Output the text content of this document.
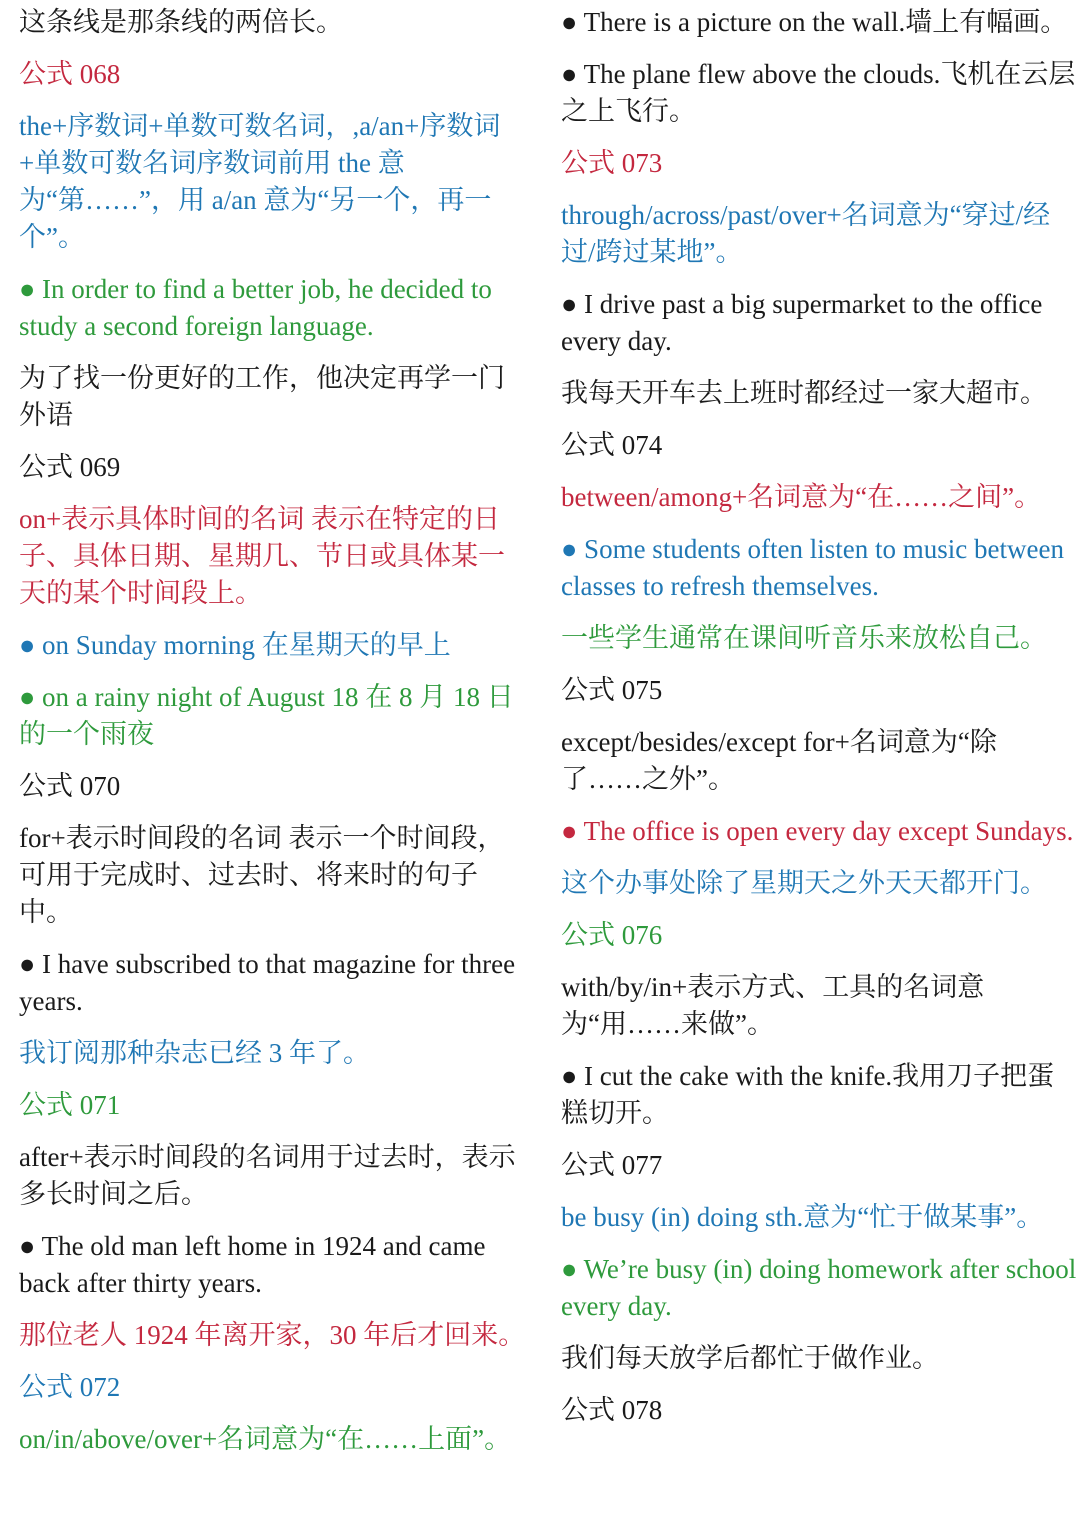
这条线是那条线的两倍长。

公式 068

the+序数词+单数可数名词，,a/an+序数词+单数可数名词序数词前用 the 意为“第……”，用 a/an 意为“另一个，再一个”。

● In order to find a better job, he decided to study a second foreign language.

为了找一份更好的工作，他决定再学一门外语

公式 069

on+表示具体时间的名词 表示在特定的日子、具体日期、星期几、节日或具体某一天的某个时间段上。

● on Sunday morning 在星期天的早上

● on a rainy night of August 18 在 8 月 18 日的一个雨夜

公式 070

for+表示时间段的名词 表示一个时间段，可用于完成时、过去时、将来时的句子中。

● I have subscribed to that magazine for three years.

我订阅那种杂志已经 3 年了。

公式 071

after+表示时间段的名词用于过去时，表示多长时间之后。

● The old man left home in 1924 and came back after thirty years.

那位老人 1924 年离开家，30 年后才回来。

公式 072

on/in/above/over+名词意为“在……上面”。

● There is a picture on the wall.墙上有幅画。

● The plane flew above the clouds.飞机在云层之上飞行。

公式 073

through/across/past/over+名词意为“穿过/经过/跨过某地”。

● I drive past a big supermarket to the office every day.

我每天开车去上班时都经过一家大超市。

公式 074

between/among+名词意为“在……之间”。

● Some students often listen to music between classes to refresh themselves.

一些学生通常在课间听音乐来放松自己。

公式 075

except/besides/except for+名词意为“除了……之外”。

● The office is open every day except Sundays.

这个办事处除了星期天之外天天都开门。

公式 076

with/by/in+表示方式、工具的名词意为“用……来做”。

● I cut the cake with the knife.我用刀子把蛋糕切开。

公式 077

be busy (in) doing sth.意为“忙于做某事”。

● We’re busy (in) doing homework after school every day.

我们每天放学后都忙于做作业。

公式 078
